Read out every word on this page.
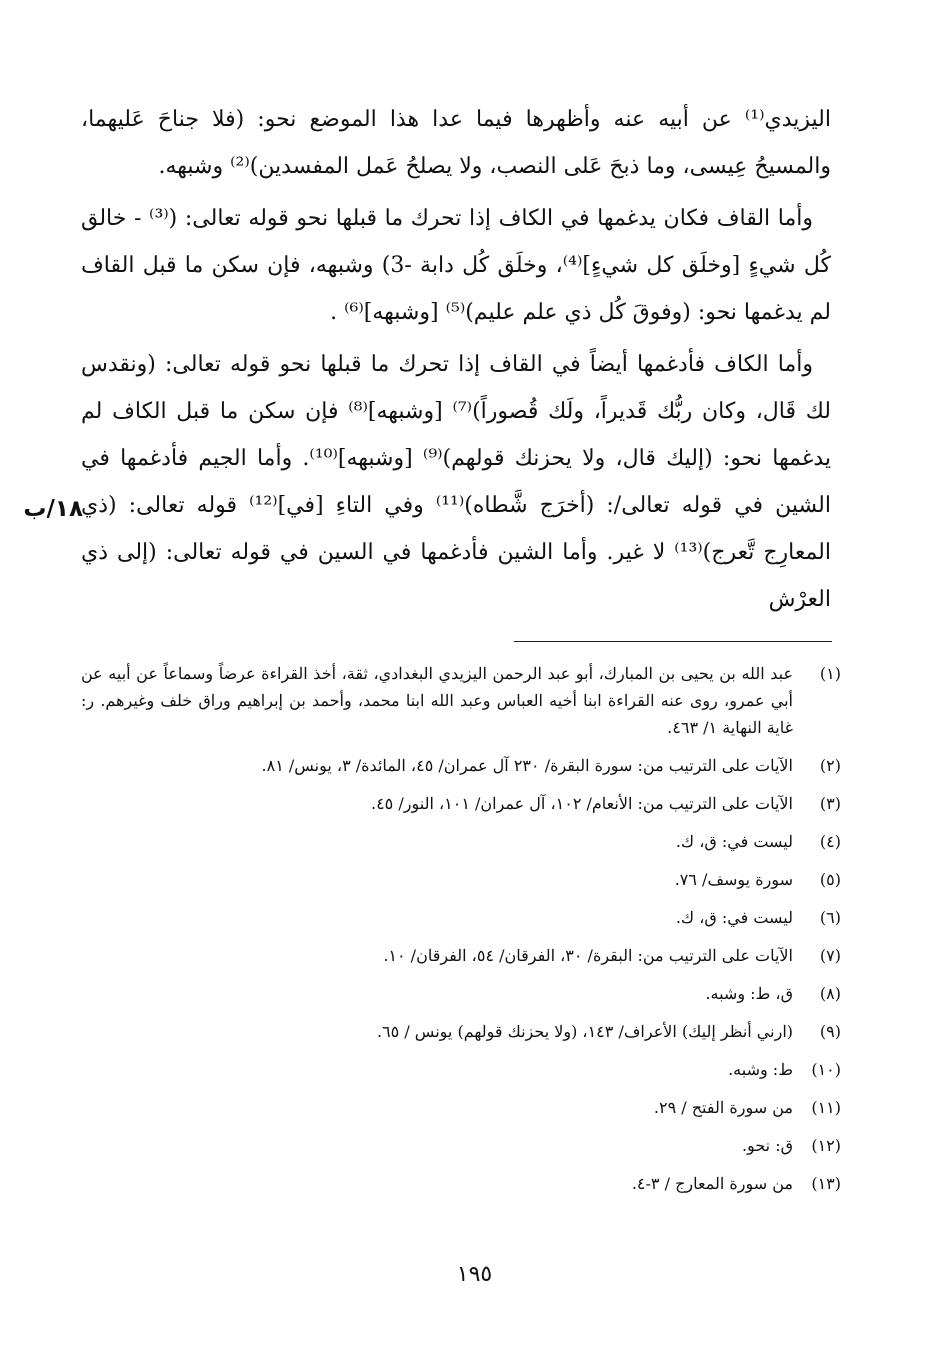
اليزيدي⁽¹⁾ عن أبيه عنه وأظهرها فيما عدا هذا الموضع نحو: (فلا جناحَ عَليهما، والمسيحُ عِيسى، وما ذبحَ عَلى النصب، ولا يصلحُ عَمل المفسدين)⁽²⁾ وشبهه.

وأما القاف فكان يدغمها في الكاف إذا تحرك ما قبلها نحو قوله تعالى: (⁽³⁾ - خالق كُل شيءٍ [وخلَق كل شيءٍ]⁽⁴⁾، وخلَق كُل دابة -3) وشبهه، فإن سكن ما قبل القاف لم يدغمها نحو: (وفوقَ كُل ذي علم عليم)⁽⁵⁾ [وشبهه]⁽⁶⁾ .

وأما الكاف فأدغمها أيضاً في القاف إذا تحرك ما قبلها نحو قوله تعالى: (ونقدس لك قَال، وكان ربُّك قَديراً، ولَك قُصوراً)⁽⁷⁾ [وشبهه]⁽⁸⁾ فإن سكن ما قبل الكاف لم يدغمها نحو: (إليك قال، ولا يحزنك قولهم)⁽⁹⁾ [وشبهه]⁽¹⁰⁾. وأما الجيم فأدغمها في الشين في قوله تعالى/: (أخرَج شَّطاه)⁽¹¹⁾ وفي التاءِ [في]⁽¹²⁾ قوله تعالى: (ذي المعارِج تَّعرج)⁽¹³⁾ لا غير. وأما الشين فأدغمها في السين في قوله تعالى: (إلى ذي العرْش

١٨/ب
(١)
عبد الله بن يحيى بن المبارك، أبو عبد الرحمن اليزيدي البغدادي، ثقة، أخذ القراءة عرضاً وسماعاً عن أبيه عن أبي عمرو، روى عنه القراءة ابنا أخيه العباس وعبد الله ابنا محمد، وأحمد بن إبراهيم وراق خلف وغيرهم. ر: غاية النهاية ١/ ٤٦٣.
(٢)
الآيات على الترتيب من: سورة البقرة/ ٢٣٠ آل عمران/ ٤٥، المائدة/ ٣، يونس/ ٨١.
(٣)
الآيات على الترتيب من: الأنعام/ ١٠٢، آل عمران/ ١٠١، النور/ ٤٥.
(٤)
ليست في: ق، ك.
(٥)
سورة يوسف/ ٧٦.
(٦)
ليست في: ق، ك.
(٧)
الآيات على الترتيب من: البقرة/ ٣٠، الفرقان/ ٥٤، الفرقان/ ١٠.
(٨)
ق، ط: وشبه.
(٩)
(ارني أنظر إليك) الأعراف/ ١٤٣، (ولا يحزنك قولهم) يونس / ٦٥.
(١٠)
ط: وشبه.
(١١)
من سورة الفتح / ٢٩.
(١٢)
ق: نحو.
(١٣)
من سورة المعارج / ٣-٤.
١٩٥
